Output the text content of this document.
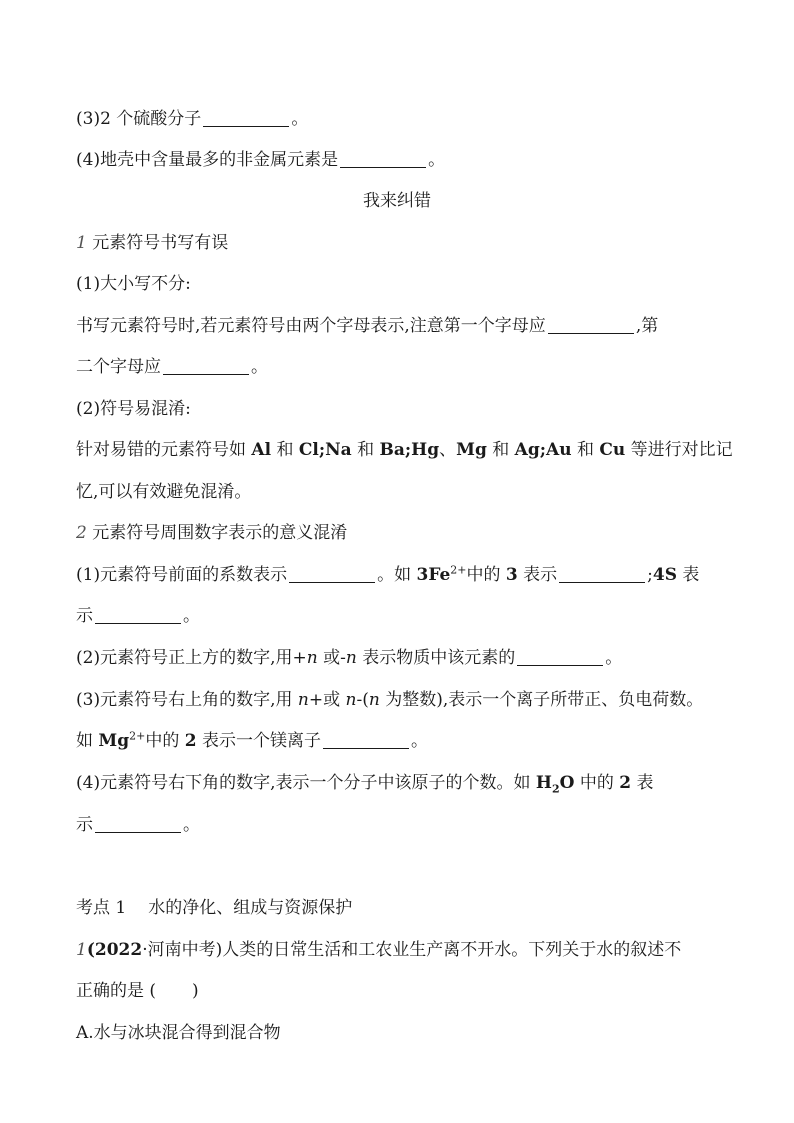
(3)2 个硫酸分子	。
(4)地壳中含量最多的非金属元素是	。
我来纠错
1 元素符号书写有误
(1)大小写不分:
书写元素符号时,若元素符号由两个字母表示,注意第一个字母应	,第
二个字母应	。
(2)符号易混淆:
针对易错的元素符号如 Al 和 Cl;Na 和 Ba;Hg、Mg 和 Ag;Au 和 Cu 等进行对比记
忆,可以有效避免混淆。
2 元素符号周围数字表示的意义混淆
(1)元素符号前面的系数表示	。如 $3Fe^{2+}$中的 3 表示	;4S 表
示	。
(2)元素符号正上方的数字,用+n 或-n 表示物质中该元素的	。
(3)元素符号右上角的数字,用 n+或 n-(n 为整数),表示一个离子所带正、负电荷数。
如 $Mg^{2+}$中的 2 表示一个镁离子	。
(4)元素符号右下角的数字,表示一个分子中该原子的个数。如 $H_2O$ 中的 2 表
示	。
考点 1 水的净化、组成与资源保护
1(2022·河南中考)人类的日常生活和工农业生产离不开水。下列关于水的叙述不
正确的是 ( )
A.水与冰块混合得到混合物
